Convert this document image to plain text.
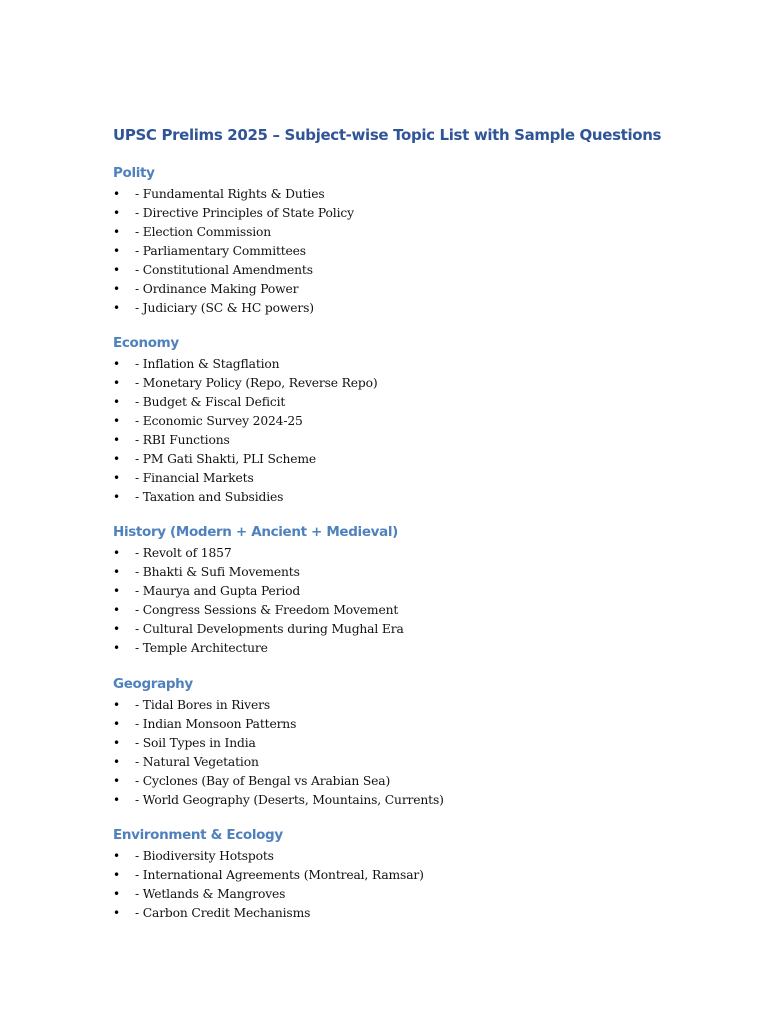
UPSC Prelims 2025 – Subject-wise Topic List with Sample Questions
Polity
• - Fundamental Rights & Duties
• - Directive Principles of State Policy
• - Election Commission
• - Parliamentary Committees
• - Constitutional Amendments
• - Ordinance Making Power
• - Judiciary (SC & HC powers)
Economy
• - Inflation & Stagflation
• - Monetary Policy (Repo, Reverse Repo)
• - Budget & Fiscal Deficit
• - Economic Survey 2024-25
• - RBI Functions
• - PM Gati Shakti, PLI Scheme
• - Financial Markets
• - Taxation and Subsidies
History (Modern + Ancient + Medieval)
• - Revolt of 1857
• - Bhakti & Sufi Movements
• - Maurya and Gupta Period
• - Congress Sessions & Freedom Movement
• - Cultural Developments during Mughal Era
• - Temple Architecture
Geography
• - Tidal Bores in Rivers
• - Indian Monsoon Patterns
• - Soil Types in India
• - Natural Vegetation
• - Cyclones (Bay of Bengal vs Arabian Sea)
• - World Geography (Deserts, Mountains, Currents)
Environment & Ecology
• - Biodiversity Hotspots
• - International Agreements (Montreal, Ramsar)
• - Wetlands & Mangroves
• - Carbon Credit Mechanisms
